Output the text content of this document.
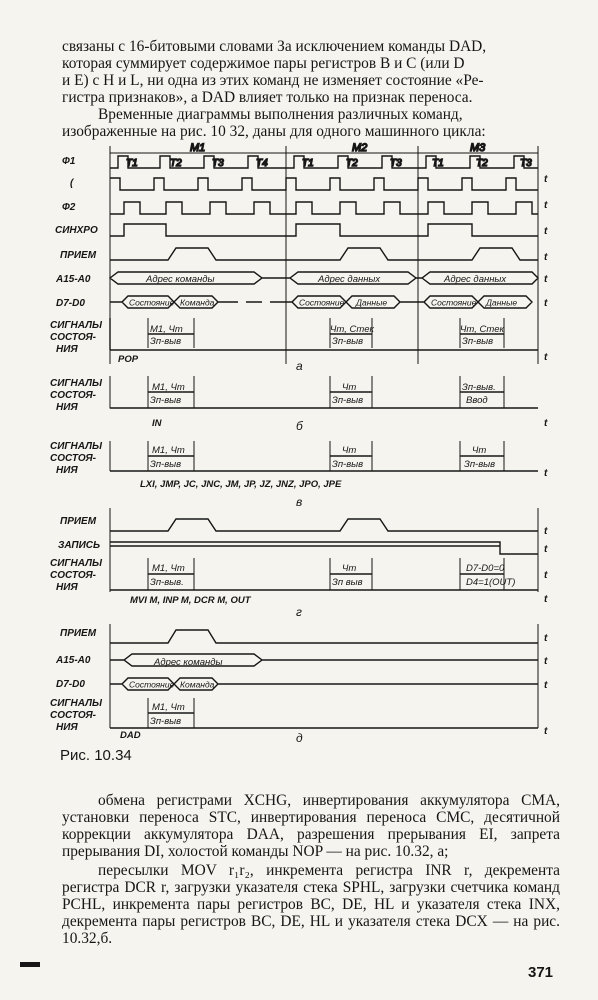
связаны с 16-битовыми словами За исключением команды DAD,

которая суммирует содержимое пары регистров B и C (или D

и E) с H и L, ни одна из этих команд не изменяет состояние «Ре-

гистра признаков», а DAD влияет только на признак переноса.

Временные диаграммы выполнения различных команд,

изображенные на рис. 10 32, даны для одного машинного цикла:

M1	M2	M3
T1	T2	T3	T4	T1	T2	T3	T1	T2	T3
Ф1
(
Ф2
СИНХРО
ПРИЕМ
A15-A0
D7-D0
СИГНАЛЫ
СОСТОЯ-
НИЯ
Адрес команды	Адрес данных	Адрес данных
Состояние Команда	Состояние Данные	Состояние Данные
M1, Чт
Зп-выв
Чт, Стек
Зп-выв
Чт, Стек
Зп-выв
POP	а
t
t
t
t
t
t
t
СИГНАЛЫ
СОСТОЯ-
НИЯ
M1, Чт
Зп-выв
Чт
Зп-выв
Зп-выв.
Ввод
IN	б	t
СИГНАЛЫ
СОСТОЯ-
НИЯ
M1, Чт
Зп-выв
Чт
Зп-выв
Чт
Зп-выв
LXI, JMP, JC, JNC, JM, JP, JZ, JNZ, JPO, JPE
в
t
ПРИЕМ
ЗАПИСЬ
СИГНАЛЫ
СОСТОЯ-
НИЯ
M1, Чт
Зп-выв.
Чт
Зп выв
D7-D0=0
D4=1(OUT)
MVI M, INP M, DCR M, OUT
г
t
t
t
t
ПРИЕМ
A15-A0
D7-D0
СИГНАЛЫ
СОСТОЯ-
НИЯ
Адрес команды
Состояние Команда
M1, Чт
Зп-выв
DAD	д
t
t
t
t
Рис. 10.34

обмена регистрами XCHG, инвертирования аккумулятора CMA, установки переноса STC, инвертирования переноса CMC, десятичной коррекции аккумулятора DAA, разрешения прерывания EI, запрета прерывания DI, холостой команды NOP — на рис. 10.32, а;

пересылки MOV r₁r₂, инкремента регистра INR r, декремента регистра DCR r, загрузки указателя стека SPHL, загрузки счетчика команд PCHL, инкремента пары регистров BC, DE, HL и указателя стека INX, декремента пары регистров BC, DE, HL и указателя стека DCX — на рис. 10.32,б.

371
